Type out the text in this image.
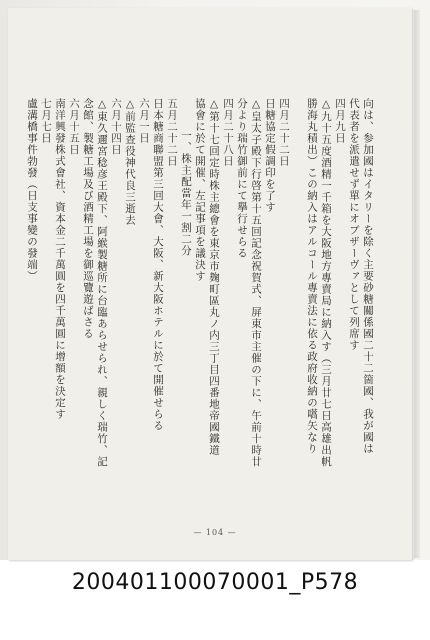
向は、参加國はイタリーを除く主要砂糖關係國二十二箇國、我が國は
代表者を派遣せず單にオブザーヴァとして列席す
四月九日
△九十五度酒精一千箱を大阪地方專賣局に納入す（三月廿七日高雄出帆
勝海丸積出）この納入はアルコール專賣法に依る政府收納の嚆矢なり
四月二十二日
日糖協定假調印を了す
△皇太子殿下行啓第十五回記念祝賀式、屏東市主催の下に、午前十時廿
分より瑞竹御前にて擧行せらる
四月二十八日
△第十七回定時株主總會を東京市麹町區丸ノ内三丁目四番地帝國鐵道
協會に於て開催、左記事項を議決す
一、株主配當年一割二分
五月二十二日
日本糖商聯盟第三回大會、大阪、新大阪ホテルに於て開催せらる
六月一日
△前監查役神代良三逝去
六月十四日
△東久邇宮稔彦王殿下、阿緱製糖所に台臨あらせられ、親しく瑞竹、記
念館、製糖工場及び酒精工場を御巡覽遊ばさる
六月十五日
南洋興發株式會社、資本金二千萬圓を四千萬圓に增額を決定す
七月七日
盧溝橋事件勃發（日支事變の發端）
— 104 —
200401100070001_P578
